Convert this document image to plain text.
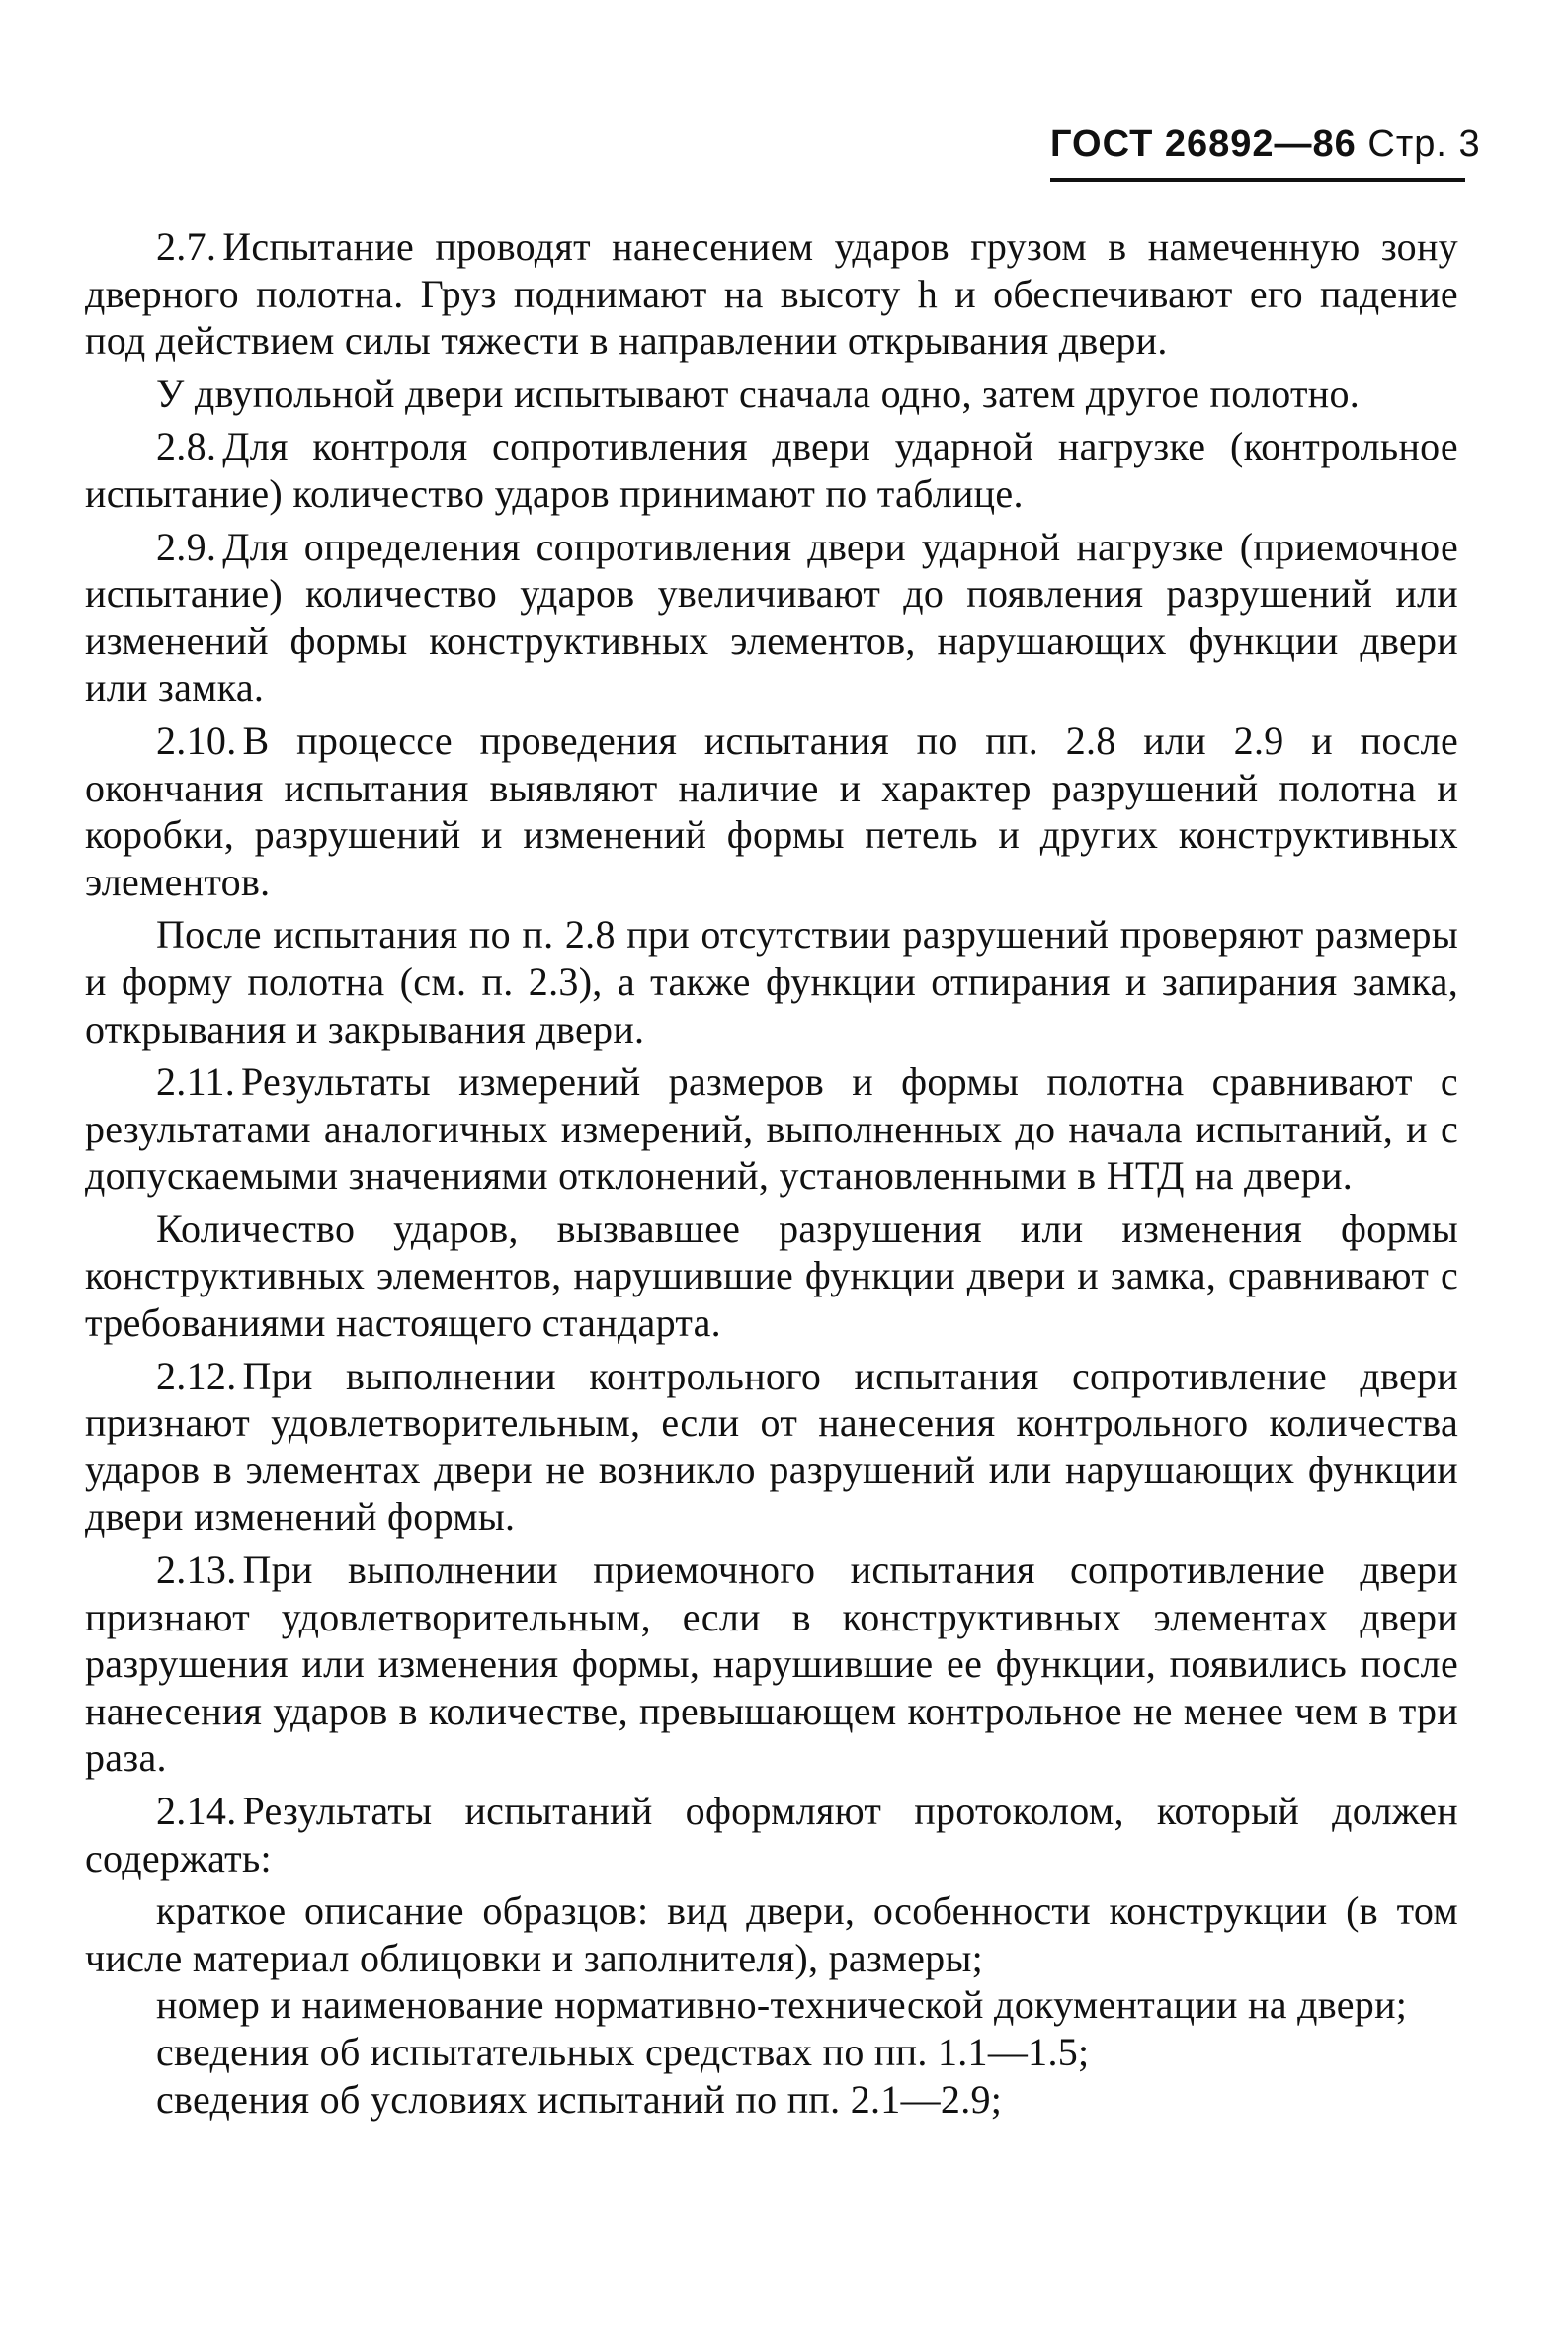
ГОСТ 26892—86 Стр. 3

2.7. Испытание проводят нанесением ударов грузом в намеченную зону дверного полотна. Груз поднимают на высоту h и обеспечивают его падение под действием силы тяжести в направлении открывания двери.

У двупольной двери испытывают сначала одно, затем другое полотно.

2.8. Для контроля сопротивления двери ударной нагрузке (контрольное испытание) количество ударов принимают по таблице.

2.9. Для определения сопротивления двери ударной нагрузке (приемочное испытание) количество ударов увеличивают до появления разрушений или изменений формы конструктивных элементов, нарушающих функции двери или замка.

2.10. В процессе проведения испытания по пп. 2.8 или 2.9 и после окончания испытания выявляют наличие и характер разрушений полотна и коробки, разрушений и изменений формы петель и других конструктивных элементов.

После испытания по п. 2.8 при отсутствии разрушений проверяют размеры и форму полотна (см. п. 2.3), а также функции отпирания и запирания замка, открывания и закрывания двери.

2.11. Результаты измерений размеров и формы полотна сравнивают с результатами аналогичных измерений, выполненных до начала испытаний, и с допускаемыми значениями отклонений, установленными в НТД на двери.

Количество ударов, вызвавшее разрушения или изменения формы конструктивных элементов, нарушившие функции двери и замка, сравнивают с требованиями настоящего стандарта.

2.12. При выполнении контрольного испытания сопротивление двери признают удовлетворительным, если от нанесения контрольного количества ударов в элементах двери не возникло разрушений или нарушающих функции двери изменений формы.

2.13. При выполнении приемочного испытания сопротивление двери признают удовлетворительным, если в конструктивных элементах двери разрушения или изменения формы, нарушившие ее функции, появились после нанесения ударов в количестве, превышающем контрольное не менее чем в три раза.

2.14. Результаты испытаний оформляют протоколом, который должен содержать:

краткое описание образцов: вид двери, особенности конструкции (в том числе материал облицовки и заполнителя), размеры;
номер и наименование нормативно-технической документации на двери;
сведения об испытательных средствах по пп. 1.1—1.5;
сведения об условиях испытаний по пп. 2.1—2.9;
